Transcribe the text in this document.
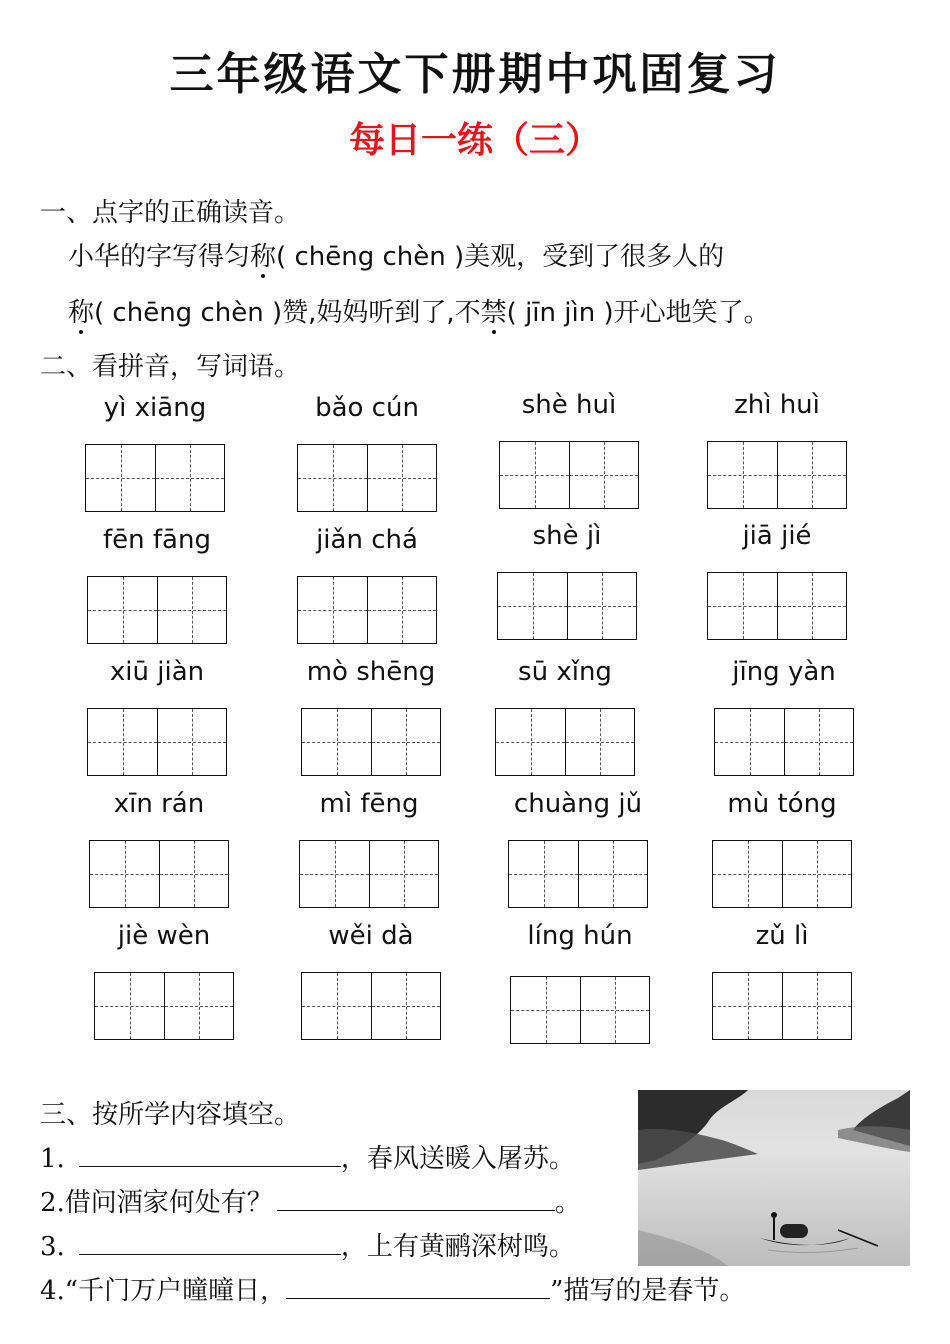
三年级语文下册期中巩固复习
每日一练（三）
一、点字的正确读音。
小华的字写得匀称( chēng chèn )美观，受到了很多人的
称( chēng chèn )赞,妈妈听到了,不禁( jīn jìn )开心地笑了。
二、看拼音，写词语。
yì xiāng	bǎo cún	shè huì	zhì huì
fēn fāng	jiǎn chá	shè jì	jiā jié
xiū jiàn	mò shēng	sū xǐng	jīng yàn
xīn rán	mì fēng	chuàng jǔ	mù tóng
jiè wèn	wěi dà	líng hún	zǔ lì
三、按所学内容填空。
1.	，春风送暖入屠苏。
2.借问酒家何处有？	。
3.	，上有黄鹂深树鸣。
4.“千门万户曈曈日，	”描写的是春节。
